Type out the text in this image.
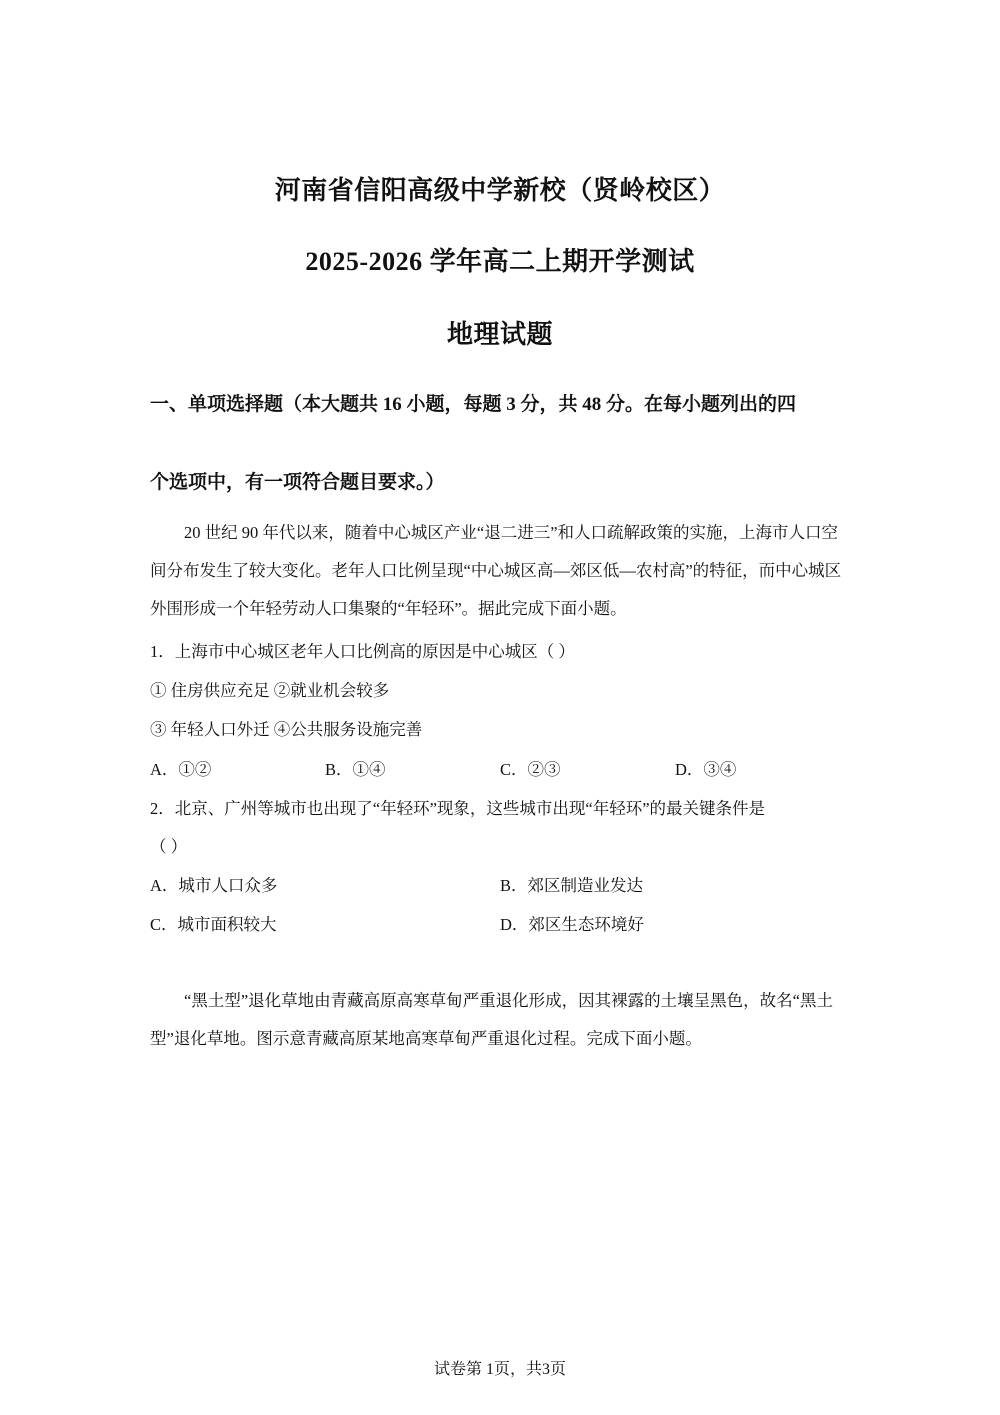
河南省信阳高级中学新校（贤岭校区）
2025-2026 学年高二上期开学测试
地理试题
一、单项选择题（本大题共 16 小题，每题 3 分，共 48 分。在每小题列出的四
个选项中，有一项符合题目要求。）
20 世纪 90 年代以来，随着中心城区产业“退二进三”和人口疏解政策的实施，上海市人口空间分布发生了较大变化。老年人口比例呈现“中心城区高—郊区低—农村高”的特征，而中心城区外围形成一个年轻劳动人口集聚的“年轻环”。据此完成下面小题。
1．上海市中心城区老年人口比例高的原因是中心城区（ ）
① 住房供应充足 ②就业机会较多
③ 年轻人口外迁 ④公共服务设施完善
A．①②	B．①④	C．②③	D．③④
2．北京、广州等城市也出现了“年轻环”现象，这些城市出现“年轻环”的最关键条件是
（ ）
A．城市人口众多	B．郊区制造业发达
C．城市面积较大	D．郊区生态环境好
“黑土型”退化草地由青藏高原高寒草甸严重退化形成，因其裸露的土壤呈黑色，故名“黑土型”退化草地。图示意青藏高原某地高寒草甸严重退化过程。完成下面小题。
试卷第 1页，共3页
